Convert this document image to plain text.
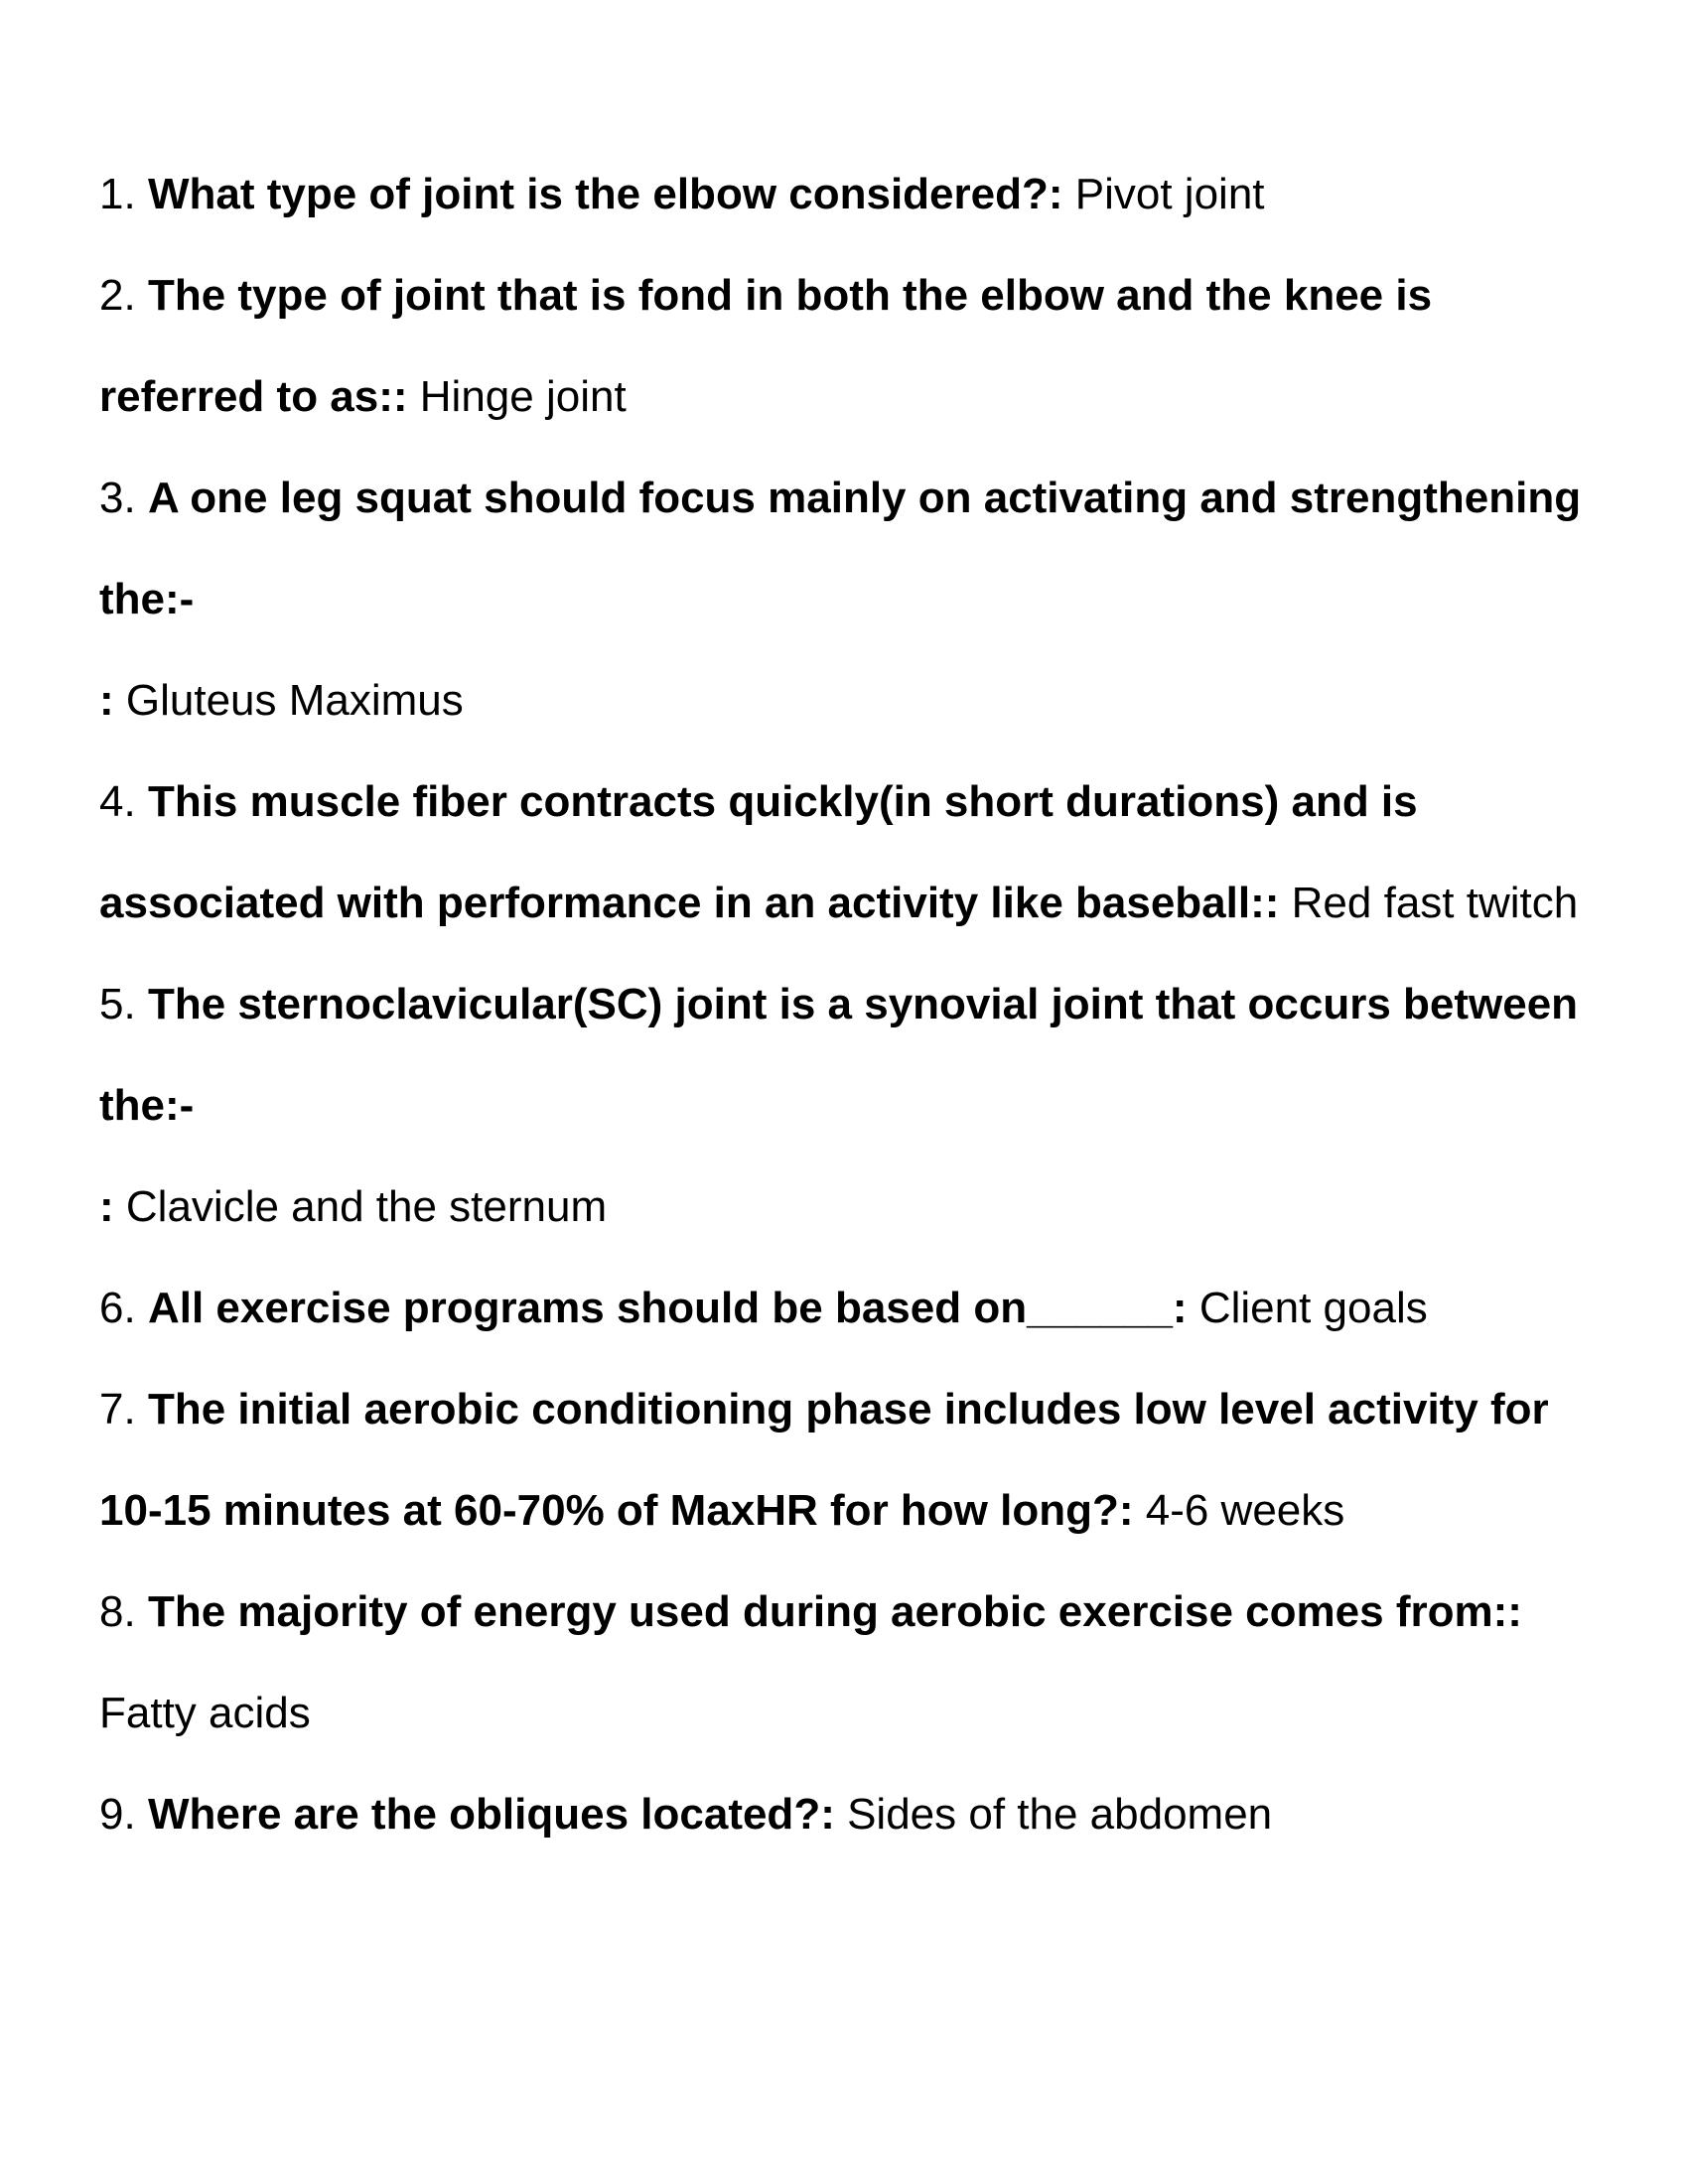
1. What type of joint is the elbow considered?: Pivot joint
2. The type of joint that is fond in both the elbow and the knee is referred to as:: Hinge joint
3. A one leg squat should focus mainly on activating and strengthening the:-
: Gluteus Maximus
4. This muscle fiber contracts quickly(in short durations) and is associated with performance in an activity like baseball:: Red fast twitch
5. The sternoclavicular(SC) joint is a synovial joint that occurs between the:-
: Clavicle and the sternum
6. All exercise programs should be based on______: Client goals
7. The initial aerobic conditioning phase includes low level activity for 10-15 minutes at 60-70% of MaxHR for how long?: 4-6 weeks
8. The majority of energy used during aerobic exercise comes from:: Fatty acids
9. Where are the obliques located?: Sides of the abdomen
